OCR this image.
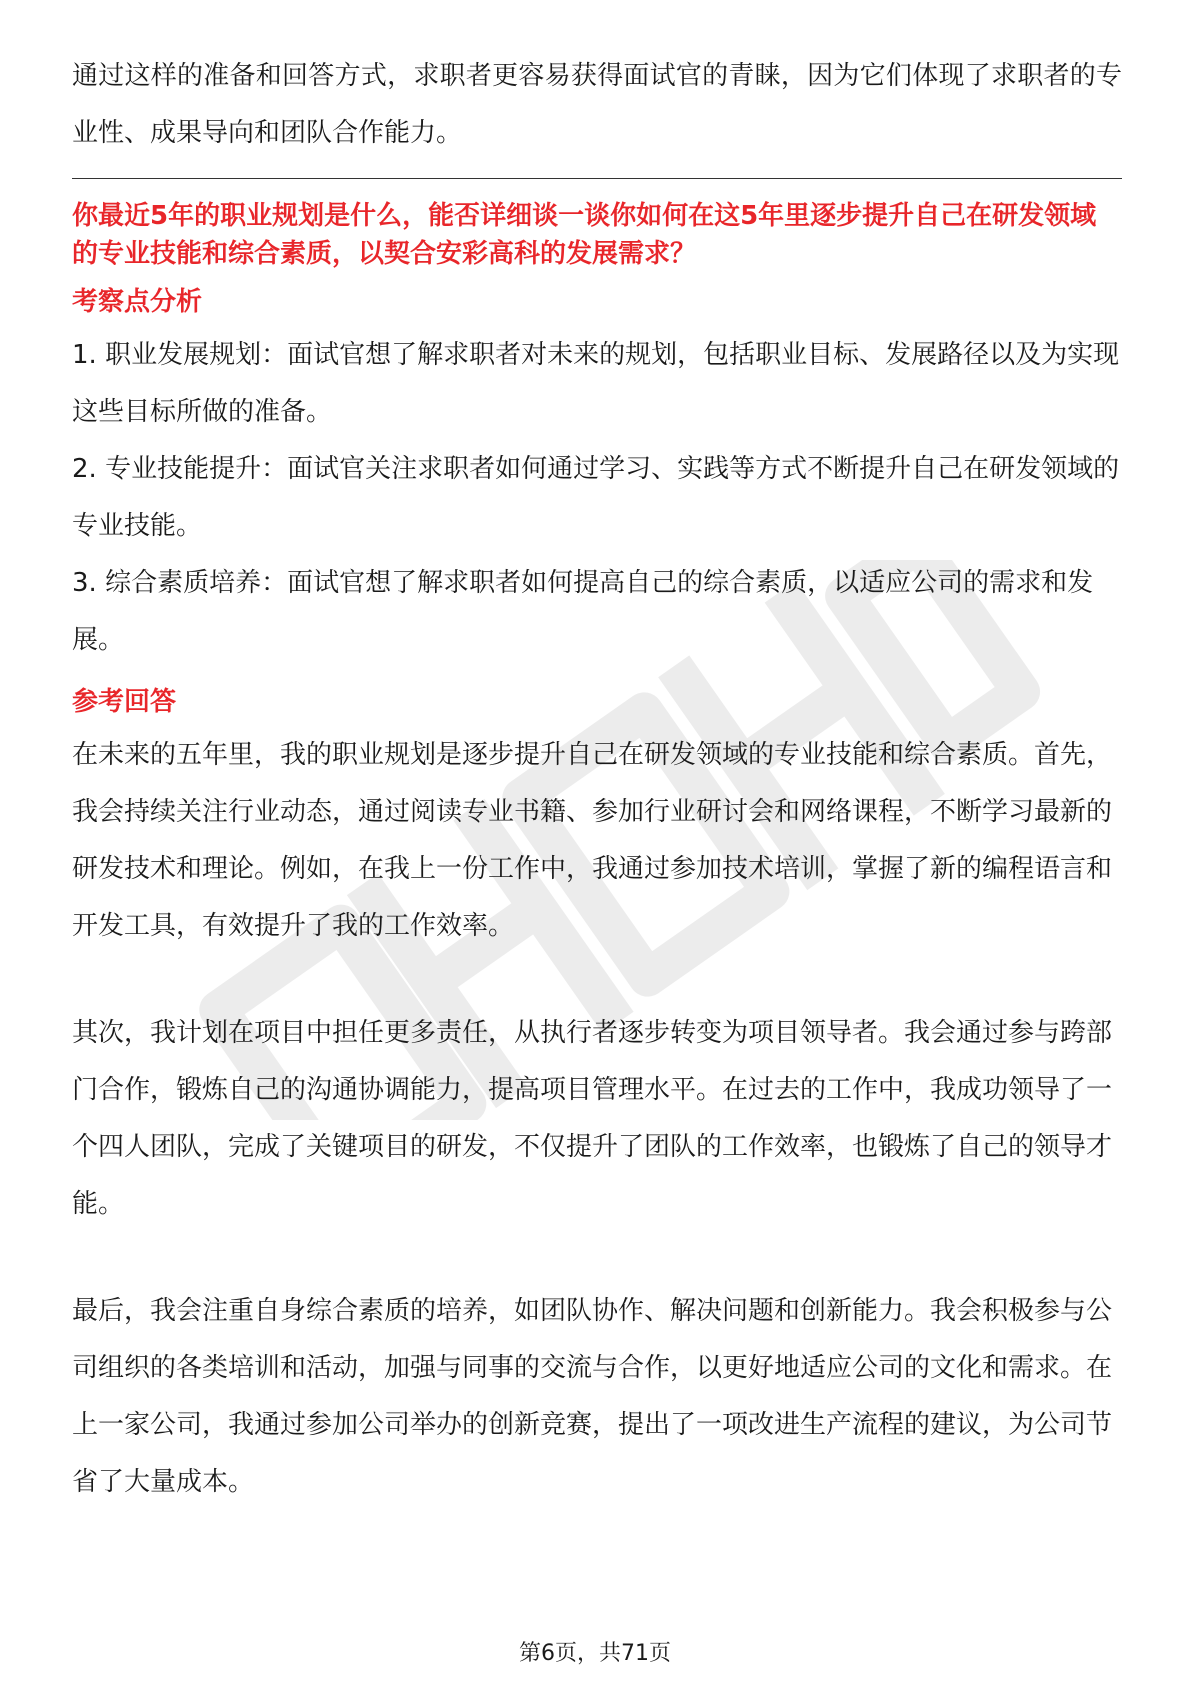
通过这样的准备和回答方式，求职者更容易获得面试官的青睐，因为它们体现了求职者的专业性、成果导向和团队合作能力。

你最近5年的职业规划是什么，能否详细谈一谈你如何在这5年里逐步提升自己在研发领域的专业技能和综合素质，以契合安彩高科的发展需求？

考察点分析

1. 职业发展规划：面试官想了解求职者对未来的规划，包括职业目标、发展路径以及为实现这些目标所做的准备。

2. 专业技能提升：面试官关注求职者如何通过学习、实践等方式不断提升自己在研发领域的专业技能。

3. 综合素质培养：面试官想了解求职者如何提高自己的综合素质，以适应公司的需求和发展。

参考回答

在未来的五年里，我的职业规划是逐步提升自己在研发领域的专业技能和综合素质。首先，我会持续关注行业动态，通过阅读专业书籍、参加行业研讨会和网络课程，不断学习最新的研发技术和理论。例如，在我上一份工作中，我通过参加技术培训，掌握了新的编程语言和开发工具，有效提升了我的工作效率。

其次，我计划在项目中担任更多责任，从执行者逐步转变为项目领导者。我会通过参与跨部门合作，锻炼自己的沟通协调能力，提高项目管理水平。在过去的工作中，我成功领导了一个四人团队，完成了关键项目的研发，不仅提升了团队的工作效率，也锻炼了自己的领导才能。

最后，我会注重自身综合素质的培养，如团队协作、解决问题和创新能力。我会积极参与公司组织的各类培训和活动，加强与同事的交流与合作，以更好地适应公司的文化和需求。在上一家公司，我通过参加公司举办的创新竞赛，提出了一项改进生产流程的建议，为公司节省了大量成本。

第6页，共71页
